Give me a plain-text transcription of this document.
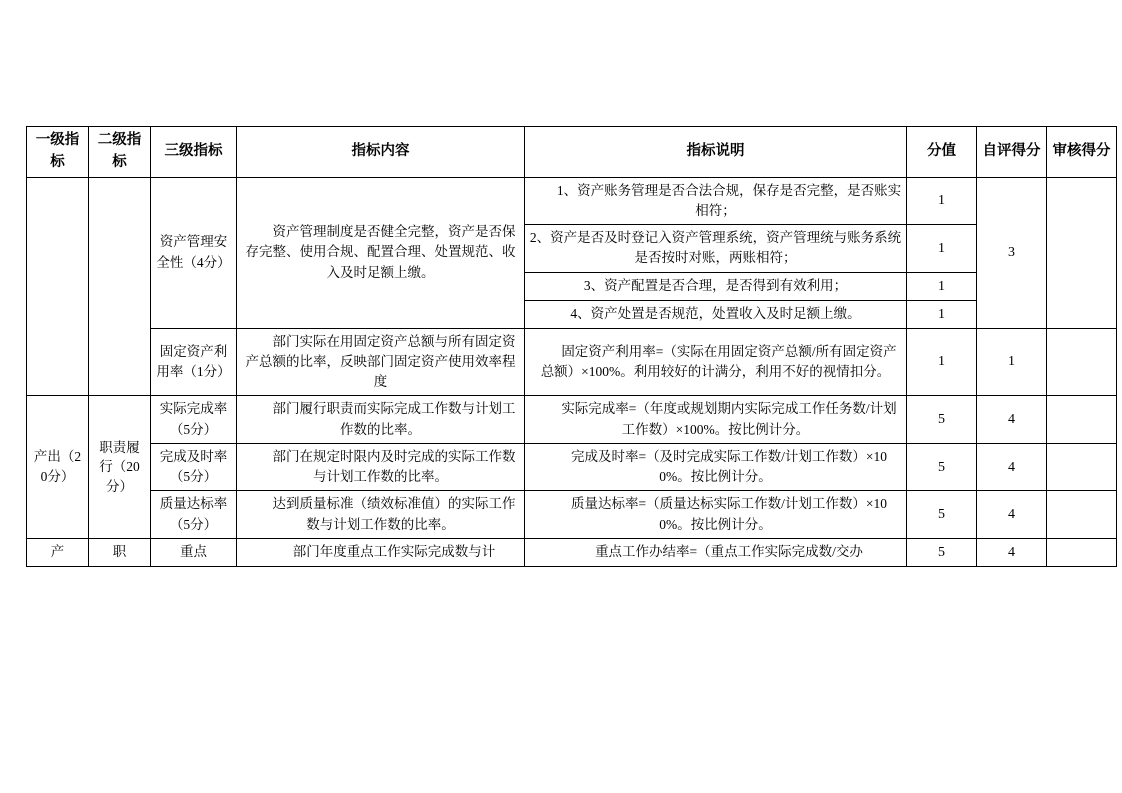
一级指标	二级指标	三级指标	指标内容	指标说明	分值	自评得分	审核得分
		资产管理安全性（4分）	资产管理制度是否健全完整，资产是否保存完整、使用合规、配置合理、处置规范、收入及时足额上缴。	1、资产账务管理是否合法合规，保存是否完整，是否账实相符；	1	3	
				2、资产是否及时登记入资产管理系统，资产管理统与账务系统是否按时对账，两账相符；	1		
				3、资产配置是否合理，是否得到有效利用；	1		
				4、资产处置是否规范，处置收入及时足额上缴。	1		
		固定资产利用率（1分）	部门实际在用固定资产总额与所有固定资产总额的比率，反映部门固定资产使用效率程度	固定资产利用率=（实际在用固定资产总额/所有固定资产总额）×100%。利用较好的计满分，利用不好的视情扣分。	1	1	
产出（20分）	职责履行（20分）	实际完成率（5分）	部门履行职责而实际完成工作数与计划工作数的比率。	实际完成率=（年度或规划期内实际完成工作任务数/计划工作数）×100%。按比例计分。	5	4	
		完成及时率（5分）	部门在规定时限内及时完成的实际工作数与计划工作数的比率。	完成及时率=（及时完成实际工作数/计划工作数）×100%。按比例计分。	5	4	
		质量达标率（5分）	达到质量标准（绩效标准值）的实际工作数与计划工作数的比率。	质量达标率=（质量达标实际工作数/计划工作数）×100%。按比例计分。	5	4	
产	职	重点	部门年度重点工作实际完成数与计	重点工作办结率=（重点工作实际完成数/交办	5	4	
